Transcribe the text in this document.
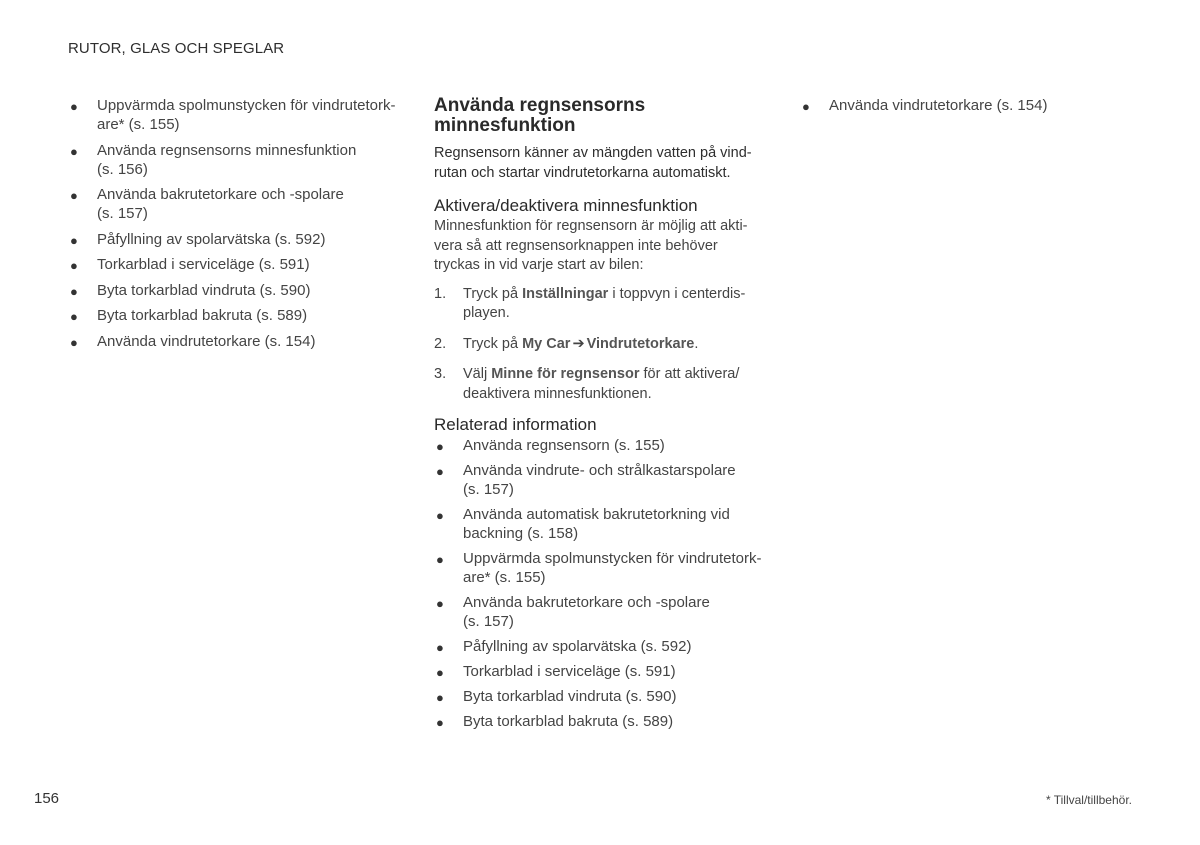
RUTOR, GLAS OCH SPEGLAR
● Uppvärmda spolmunstycken för vindrutetork-
are* (s. 155)
● Använda regnsensorns minnesfunktion
(s. 156)
● Använda bakrutetorkare och -spolare
(s. 157)
● Påfyllning av spolarvätska (s. 592)
● Torkarblad i serviceläge (s. 591)
● Byta torkarblad vindruta (s. 590)
● Byta torkarblad bakruta (s. 589)
● Använda vindrutetorkare (s. 154)
Använda regnsensorns
minnesfunktion
Regnsensorn känner av mängden vatten på vind-
rutan och startar vindrutetorkarna automatiskt.
Aktivera/deaktivera minnesfunktion
Minnesfunktion för regnsensorn är möjlig att akti-
vera så att regnsensorknappen inte behöver
tryckas in vid varje start av bilen:
1. Tryck på Inställningar i toppvyn i centerdis-
playen.
2. Tryck på My Car ➔ Vindrutetorkare.
3. Välj Minne för regnsensor för att aktivera/
deaktivera minnesfunktionen.
Relaterad information
● Använda regnsensorn (s. 155)
● Använda vindrute- och strålkastarspolare
(s. 157)
● Använda automatisk bakrutetorkning vid
backning (s. 158)
● Uppvärmda spolmunstycken för vindrutetork-
are* (s. 155)
● Använda bakrutetorkare och -spolare
(s. 157)
● Påfyllning av spolarvätska (s. 592)
● Torkarblad i serviceläge (s. 591)
● Byta torkarblad vindruta (s. 590)
● Byta torkarblad bakruta (s. 589)
● Använda vindrutetorkare (s. 154)
156	* Tillval/tillbehör.
